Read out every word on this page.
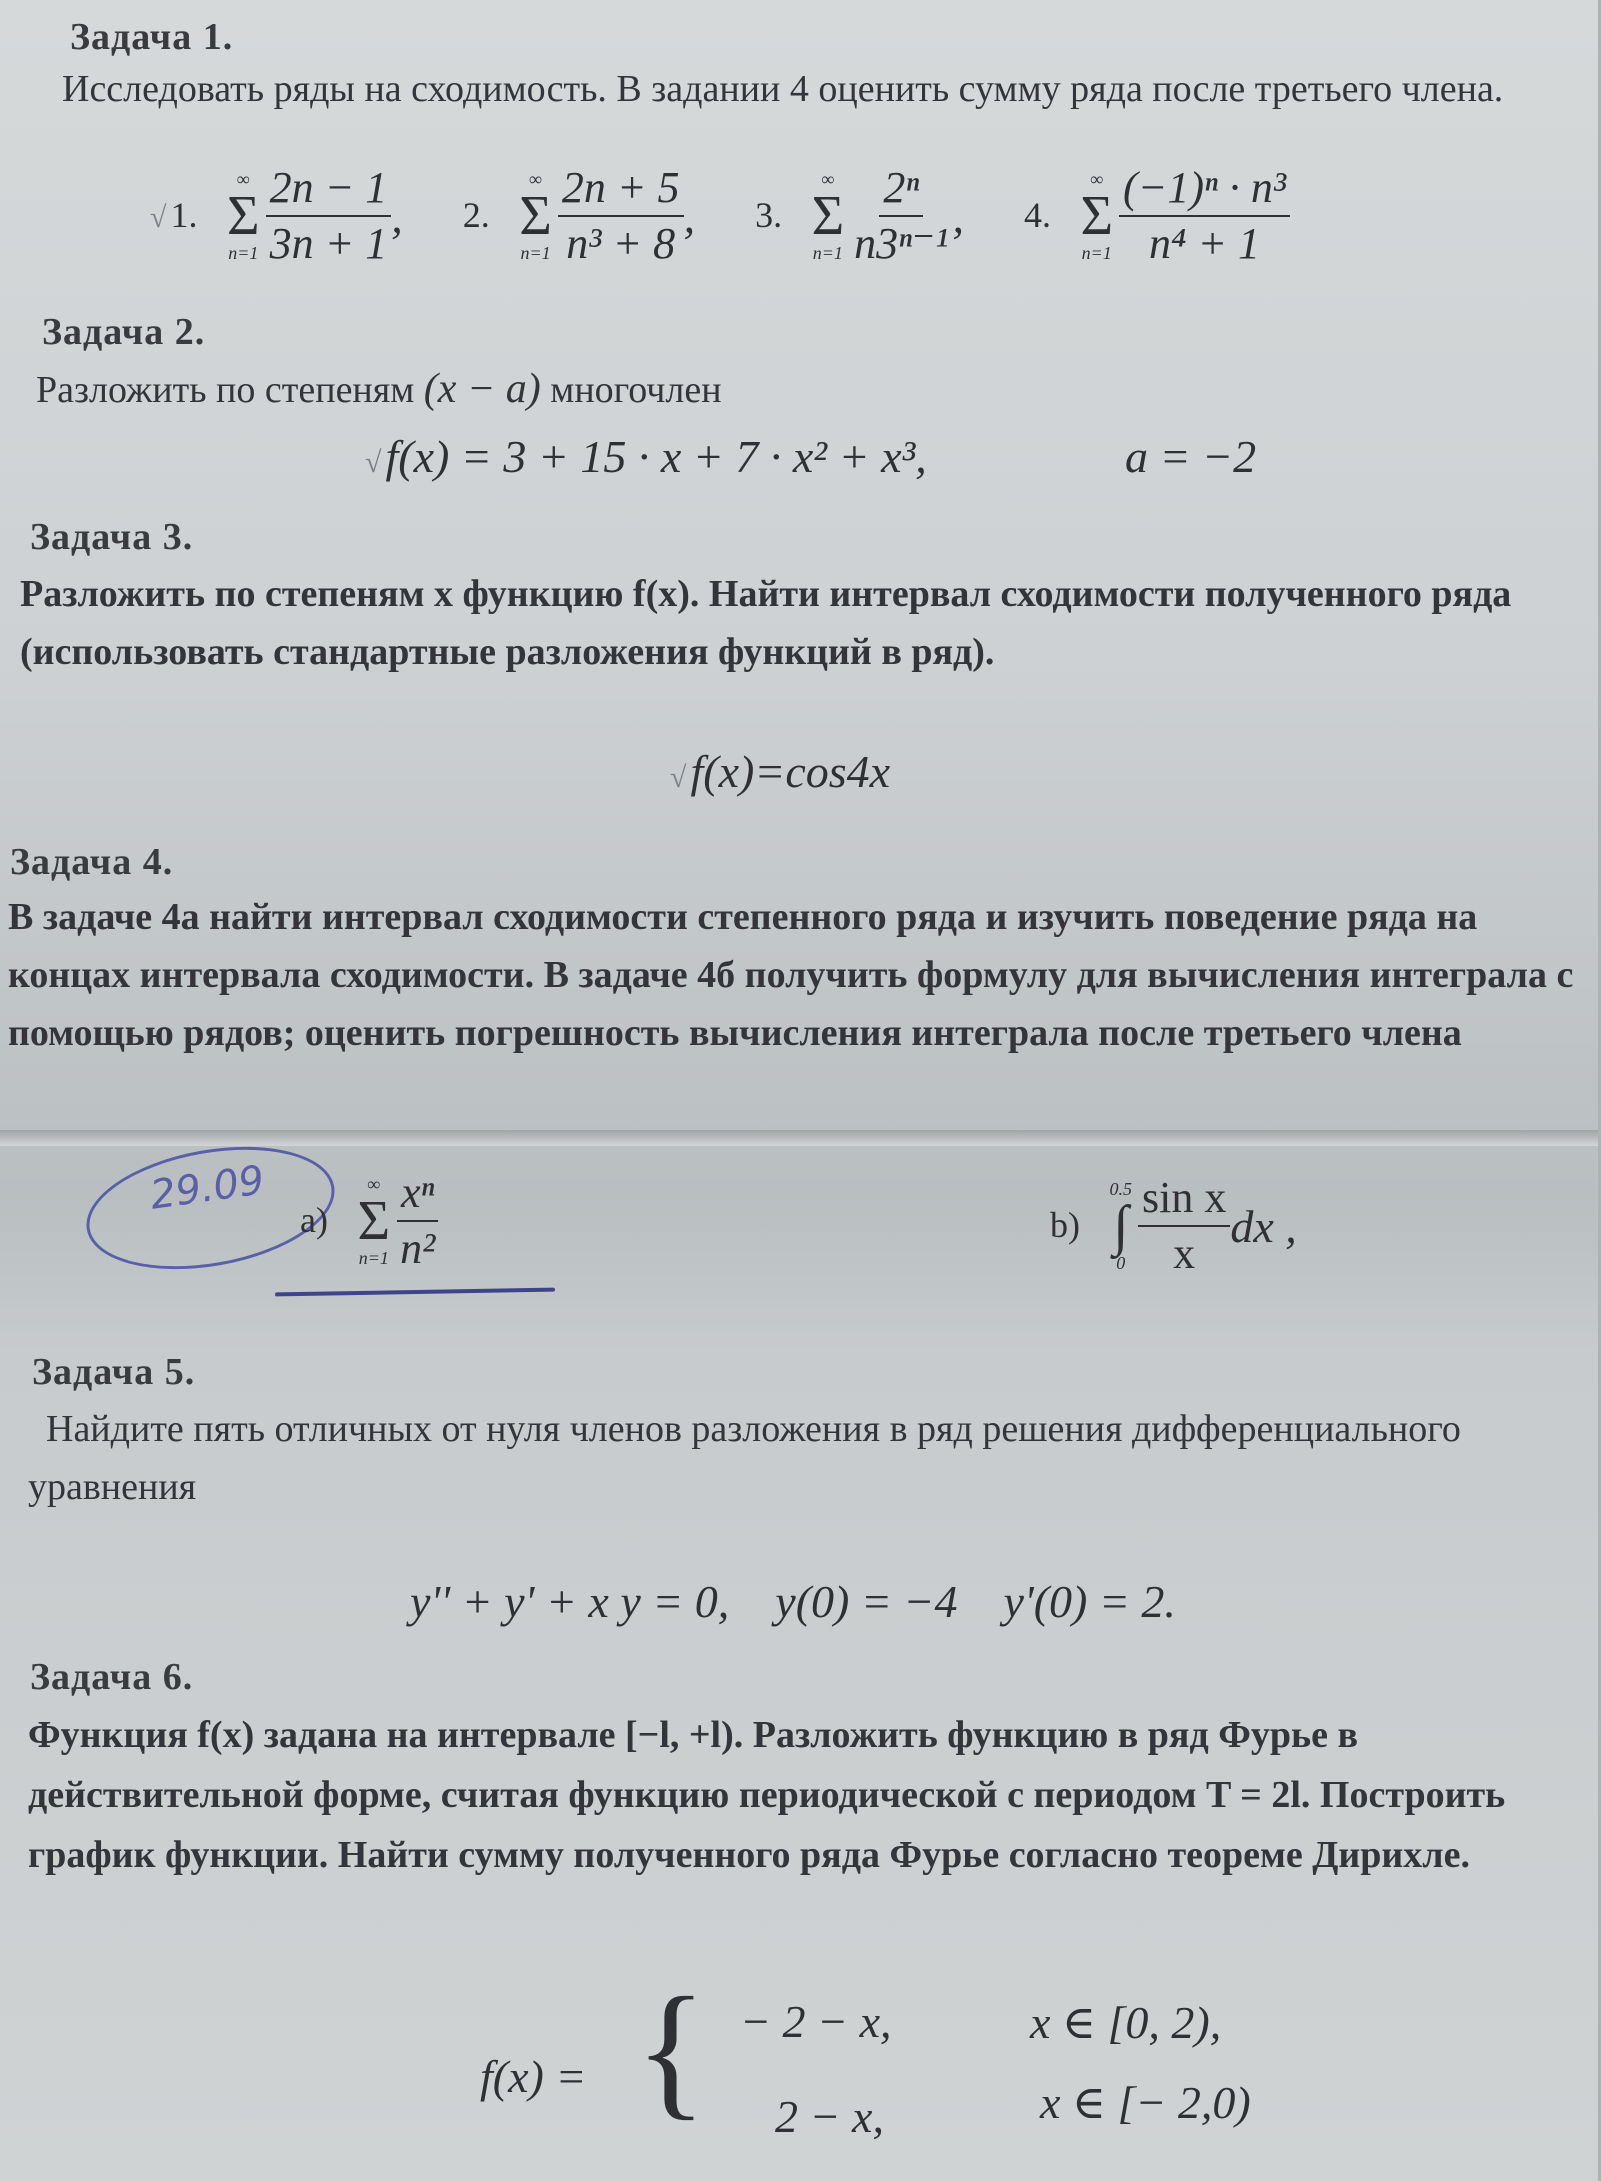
Задача 1.
Исследовать ряды на сходимость. В задании 4 оценить сумму ряда после третьего члена.
√ 1.
∞
Σ
$n=1 \frac{2n - 1}{3n + 1}$ , 2.
∞
Σ
$n=1 \frac{2n + 5}{\text{n³ + 8}}$ , 3.
∞
Σ
$n=1 \frac{\text{2ⁿ}}{\text{n3ⁿ⁻¹}}$ , 4.
∞
Σ
$n=1 \frac{\text{(−1)ⁿ · n³}}{\text{n⁴ + 1}}$
Задача 2.
Разложить по степеням (x − a) многочлен
√f(x) = 3 + 15 · x + 7 · x² + x³,	a = −2
Задача 3.
Разложить по степеням x функцию f(x). Найти интервал сходимости полученного ряда (использовать стандартные разложения функций в ряд).
√f(x)=cos4x
Задача 4.
В задаче 4а найти интервал сходимости степенного ряда и изучить поведение ряда на концах интервала сходимости. В задаче 4б получить формулу для вычисления интеграла с помощью рядов; оценить погрешность вычисления интеграла после третьего члена
29.09
a)
∞
Σ
$n=1 \frac{\text{xⁿ}}{\text{n²}}$	b)
0.5
∫
$0 \frac{\text{sin x}}{x}$ dx ,
Задача 5.
Найдите пять отличных от нуля членов разложения в ряд решения дифференциального уравнения
y'' + y' + x y = 0,    y(0) = −4    y'(0) = 2.
Задача 6.
Функция f(x) задана на интервале [−l, +l). Разложить функцию в ряд Фурье в действительной форме, считая функцию периодической с периодом T = 2l. Построить график функции. Найти сумму полученного ряда Фурье согласно теореме Дирихле.
f(x) = { − 2 − x,	x ∈ [0, 2),
2 − x,	x ∈ [− 2,0)
